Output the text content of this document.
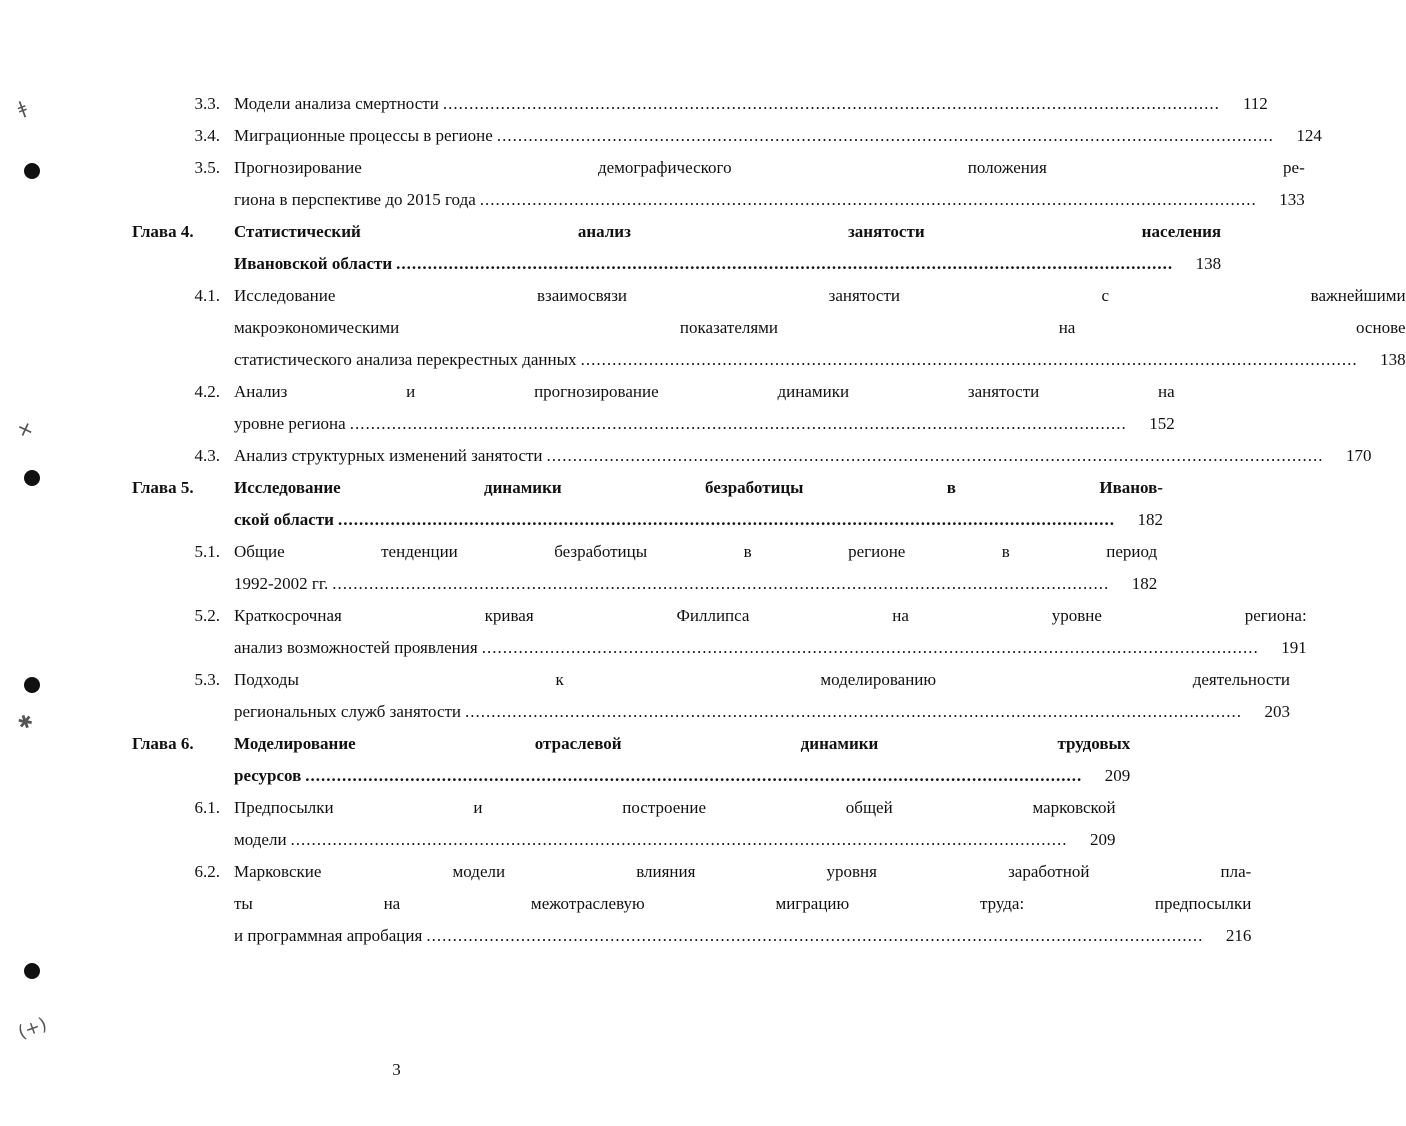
ǂ
✕
✱
(+)
3.3. Модели анализа смертности .....	112
3.4. Миграционные процессы в регионе .....	124
3.5. Прогнозирование демографического положения ре-
гиона в перспективе до 2015 года .....	133
Глава 4.	Статистический анализ занятости населения
Ивановской области .....	138
4.1. Исследование взаимосвязи занятости с важнейшими
макроэкономическими показателями на основе
статистического анализа перекрестных данных .....	138
4.2. Анализ и прогнозирование динамики занятости на
уровне региона .....	152
4.3. Анализ структурных изменений занятости .....	170
Глава 5.	Исследование динамики безработицы в Иванов-
ской области .....	182
5.1. Общие тенденции безработицы в регионе в период
1992-2002 гг. .....	182
5.2. Краткосрочная кривая Филлипса на уровне региона:
анализ возможностей проявления .....	191
5.3. Подходы к моделированию деятельности
региональных служб занятости .....	203
Глава 6.	Моделирование отраслевой динамики трудовых
ресурсов .....	209
6.1. Предпосылки и построение общей марковской
модели .....	209
6.2. Марковские модели влияния уровня заработной пла-
ты на межотраслевую миграцию труда: предпосылки
и программная апробация .....	216
3
